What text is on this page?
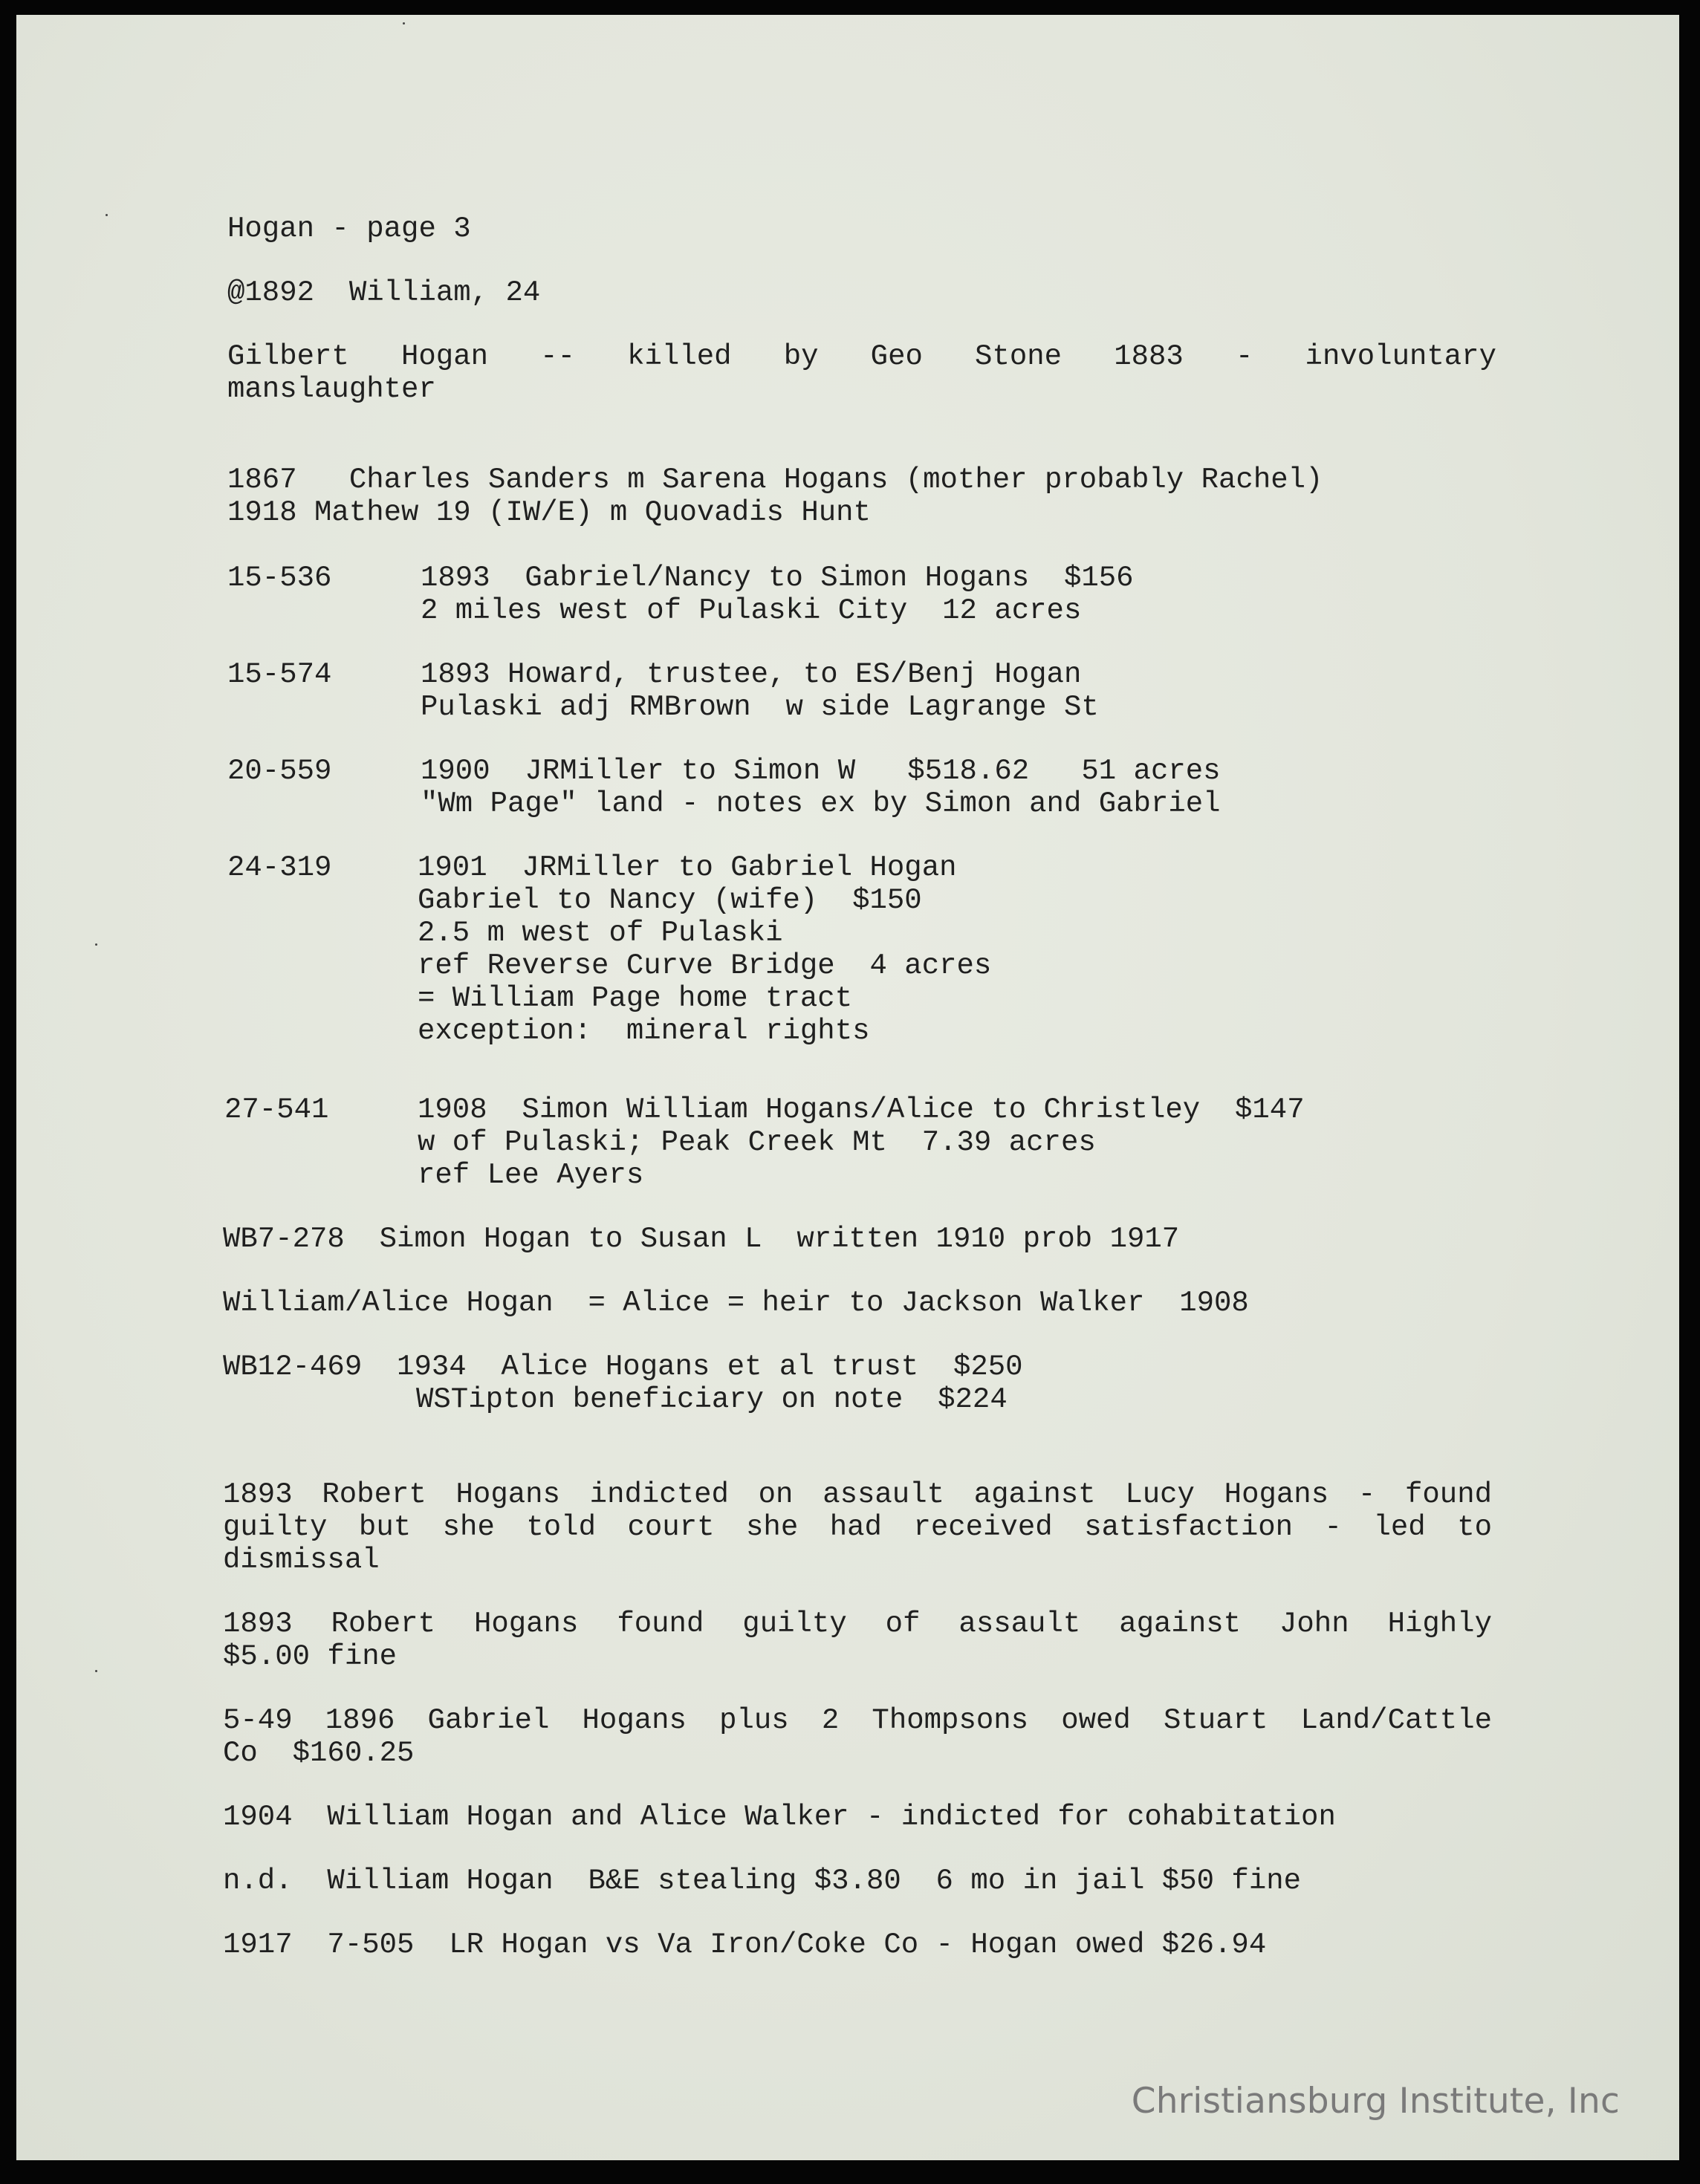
Hogan - page 3
@1892  William, 24
Gilbert Hogan -- killed by Geo Stone 1883 - involuntary
manslaughter
1867   Charles Sanders m Sarena Hogans (mother probably Rachel)
1918 Mathew 19 (IW/E) m Quovadis Hunt
15-536	1893  Gabriel/Nancy to Simon Hogans  $156
2 miles west of Pulaski City  12 acres
15-574	1893 Howard, trustee, to ES/Benj Hogan
Pulaski adj RMBrown  w side Lagrange St
20-559	1900  JRMiller to Simon W   $518.62   51 acres
"Wm Page" land - notes ex by Simon and Gabriel
24-319	1901  JRMiller to Gabriel Hogan
Gabriel to Nancy (wife)  $150
2.5 m west of Pulaski
ref Reverse Curve Bridge  4 acres
= William Page home tract
exception:  mineral rights
27-541	1908  Simon William Hogans/Alice to Christley  $147
w of Pulaski; Peak Creek Mt  7.39 acres
ref Lee Ayers
WB7-278  Simon Hogan to Susan L  written 1910 prob 1917
William/Alice Hogan  = Alice = heir to Jackson Walker  1908
WB12-469  1934  Alice Hogans et al trust  $250
WSTipton beneficiary on note  $224
1893 Robert Hogans indicted on assault against Lucy Hogans - found
guilty but she told court she had received satisfaction - led to
dismissal
1893 Robert Hogans found guilty of assault against John Highly
$5.00 fine
5-49 1896 Gabriel Hogans plus 2 Thompsons owed Stuart Land/Cattle
Co  $160.25
1904  William Hogan and Alice Walker - indicted for cohabitation
n.d.  William Hogan  B&E stealing $3.80  6 mo in jail $50 fine
1917  7-505  LR Hogan vs Va Iron/Coke Co - Hogan owed $26.94
Christiansburg Institute, Inc
